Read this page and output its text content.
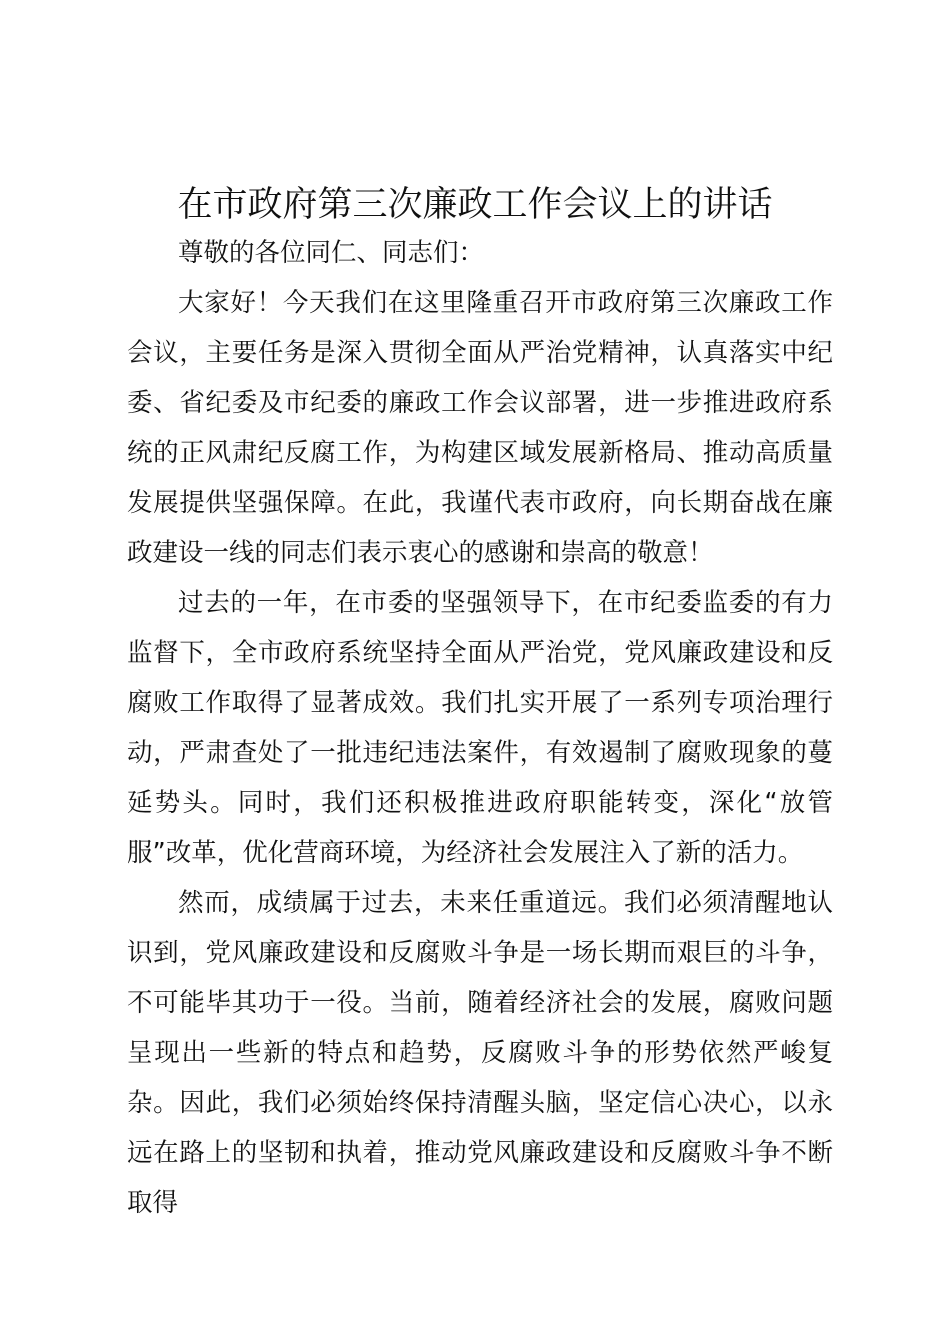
在市政府第三次廉政工作会议上的讲话

尊敬的各位同仁、同志们：

大家好！今天我们在这里隆重召开市政府第三次廉政工作会议，主要任务是深入贯彻全面从严治党精神，认真落实中纪委、省纪委及市纪委的廉政工作会议部署，进一步推进政府系统的正风肃纪反腐工作，为构建区域发展新格局、推动高质量发展提供坚强保障。在此，我谨代表市政府，向长期奋战在廉政建设一线的同志们表示衷心的感谢和崇高的敬意！

过去的一年，在市委的坚强领导下，在市纪委监委的有力监督下，全市政府系统坚持全面从严治党，党风廉政建设和反腐败工作取得了显著成效。我们扎实开展了一系列专项治理行动，严肃查处了一批违纪违法案件，有效遏制了腐败现象的蔓延势头。同时，我们还积极推进政府职能转变，深化“放管服”改革，优化营商环境，为经济社会发展注入了新的活力。

然而，成绩属于过去，未来任重道远。我们必须清醒地认识到，党风廉政建设和反腐败斗争是一场长期而艰巨的斗争，不可能毕其功于一役。当前，随着经济社会的发展，腐败问题呈现出一些新的特点和趋势，反腐败斗争的形势依然严峻复杂。因此，我们必须始终保持清醒头脑，坚定信心决心，以永远在路上的坚韧和执着，推动党风廉政建设和反腐败斗争不断取得
